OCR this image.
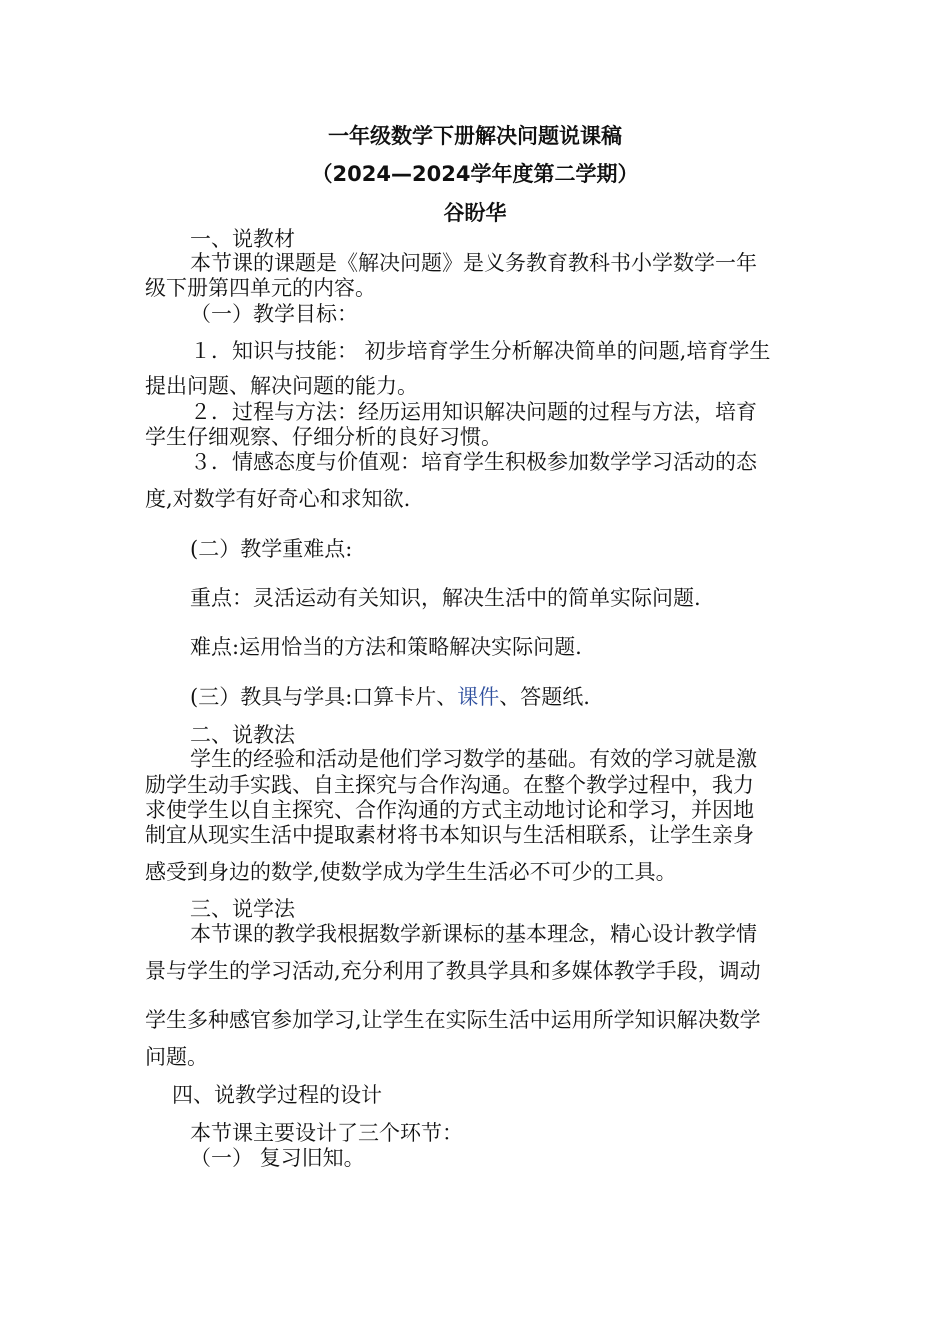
一年级数学下册解决问题说课稿
（2024—2024学年度第二学期）
谷盼华

一、说教材

本节课的课题是《解决问题》是义务教育教科书小学数学一年

级下册第四单元的内容。

（一）教学目标：

１．知识与技能： 初步培育学生分析解决简单的问题,培育学生

提出问题、解决问题的能力。

２．过程与方法：经历运用知识解决问题的过程与方法，培育

学生仔细观察、仔细分析的良好习惯。

３．情感态度与价值观：培育学生积极参加数学学习活动的态

度,对数学有好奇心和求知欲.

(二）教学重难点:

重点：灵活运动有关知识，解决生活中的简单实际问题.

难点:运用恰当的方法和策略解决实际问题.

(三）教具与学具:口算卡片、课件、答题纸.

二、说教法

学生的经验和活动是他们学习数学的基础。有效的学习就是激

励学生动手实践、自主探究与合作沟通。在整个教学过程中，我力

求使学生以自主探究、合作沟通的方式主动地讨论和学习，并因地

制宜从现实生活中提取素材将书本知识与生活相联系，让学生亲身

感受到身边的数学,使数学成为学生生活必不可少的工具。

三、说学法

本节课的教学我根据数学新课标的基本理念，精心设计教学情

景与学生的学习活动,充分利用了教具学具和多媒体教学手段，调动

学生多种感官参加学习,让学生在实际生活中运用所学知识解决数学

问题。

四、说教学过程的设计

本节课主要设计了三个环节：

（一） 复习旧知。
